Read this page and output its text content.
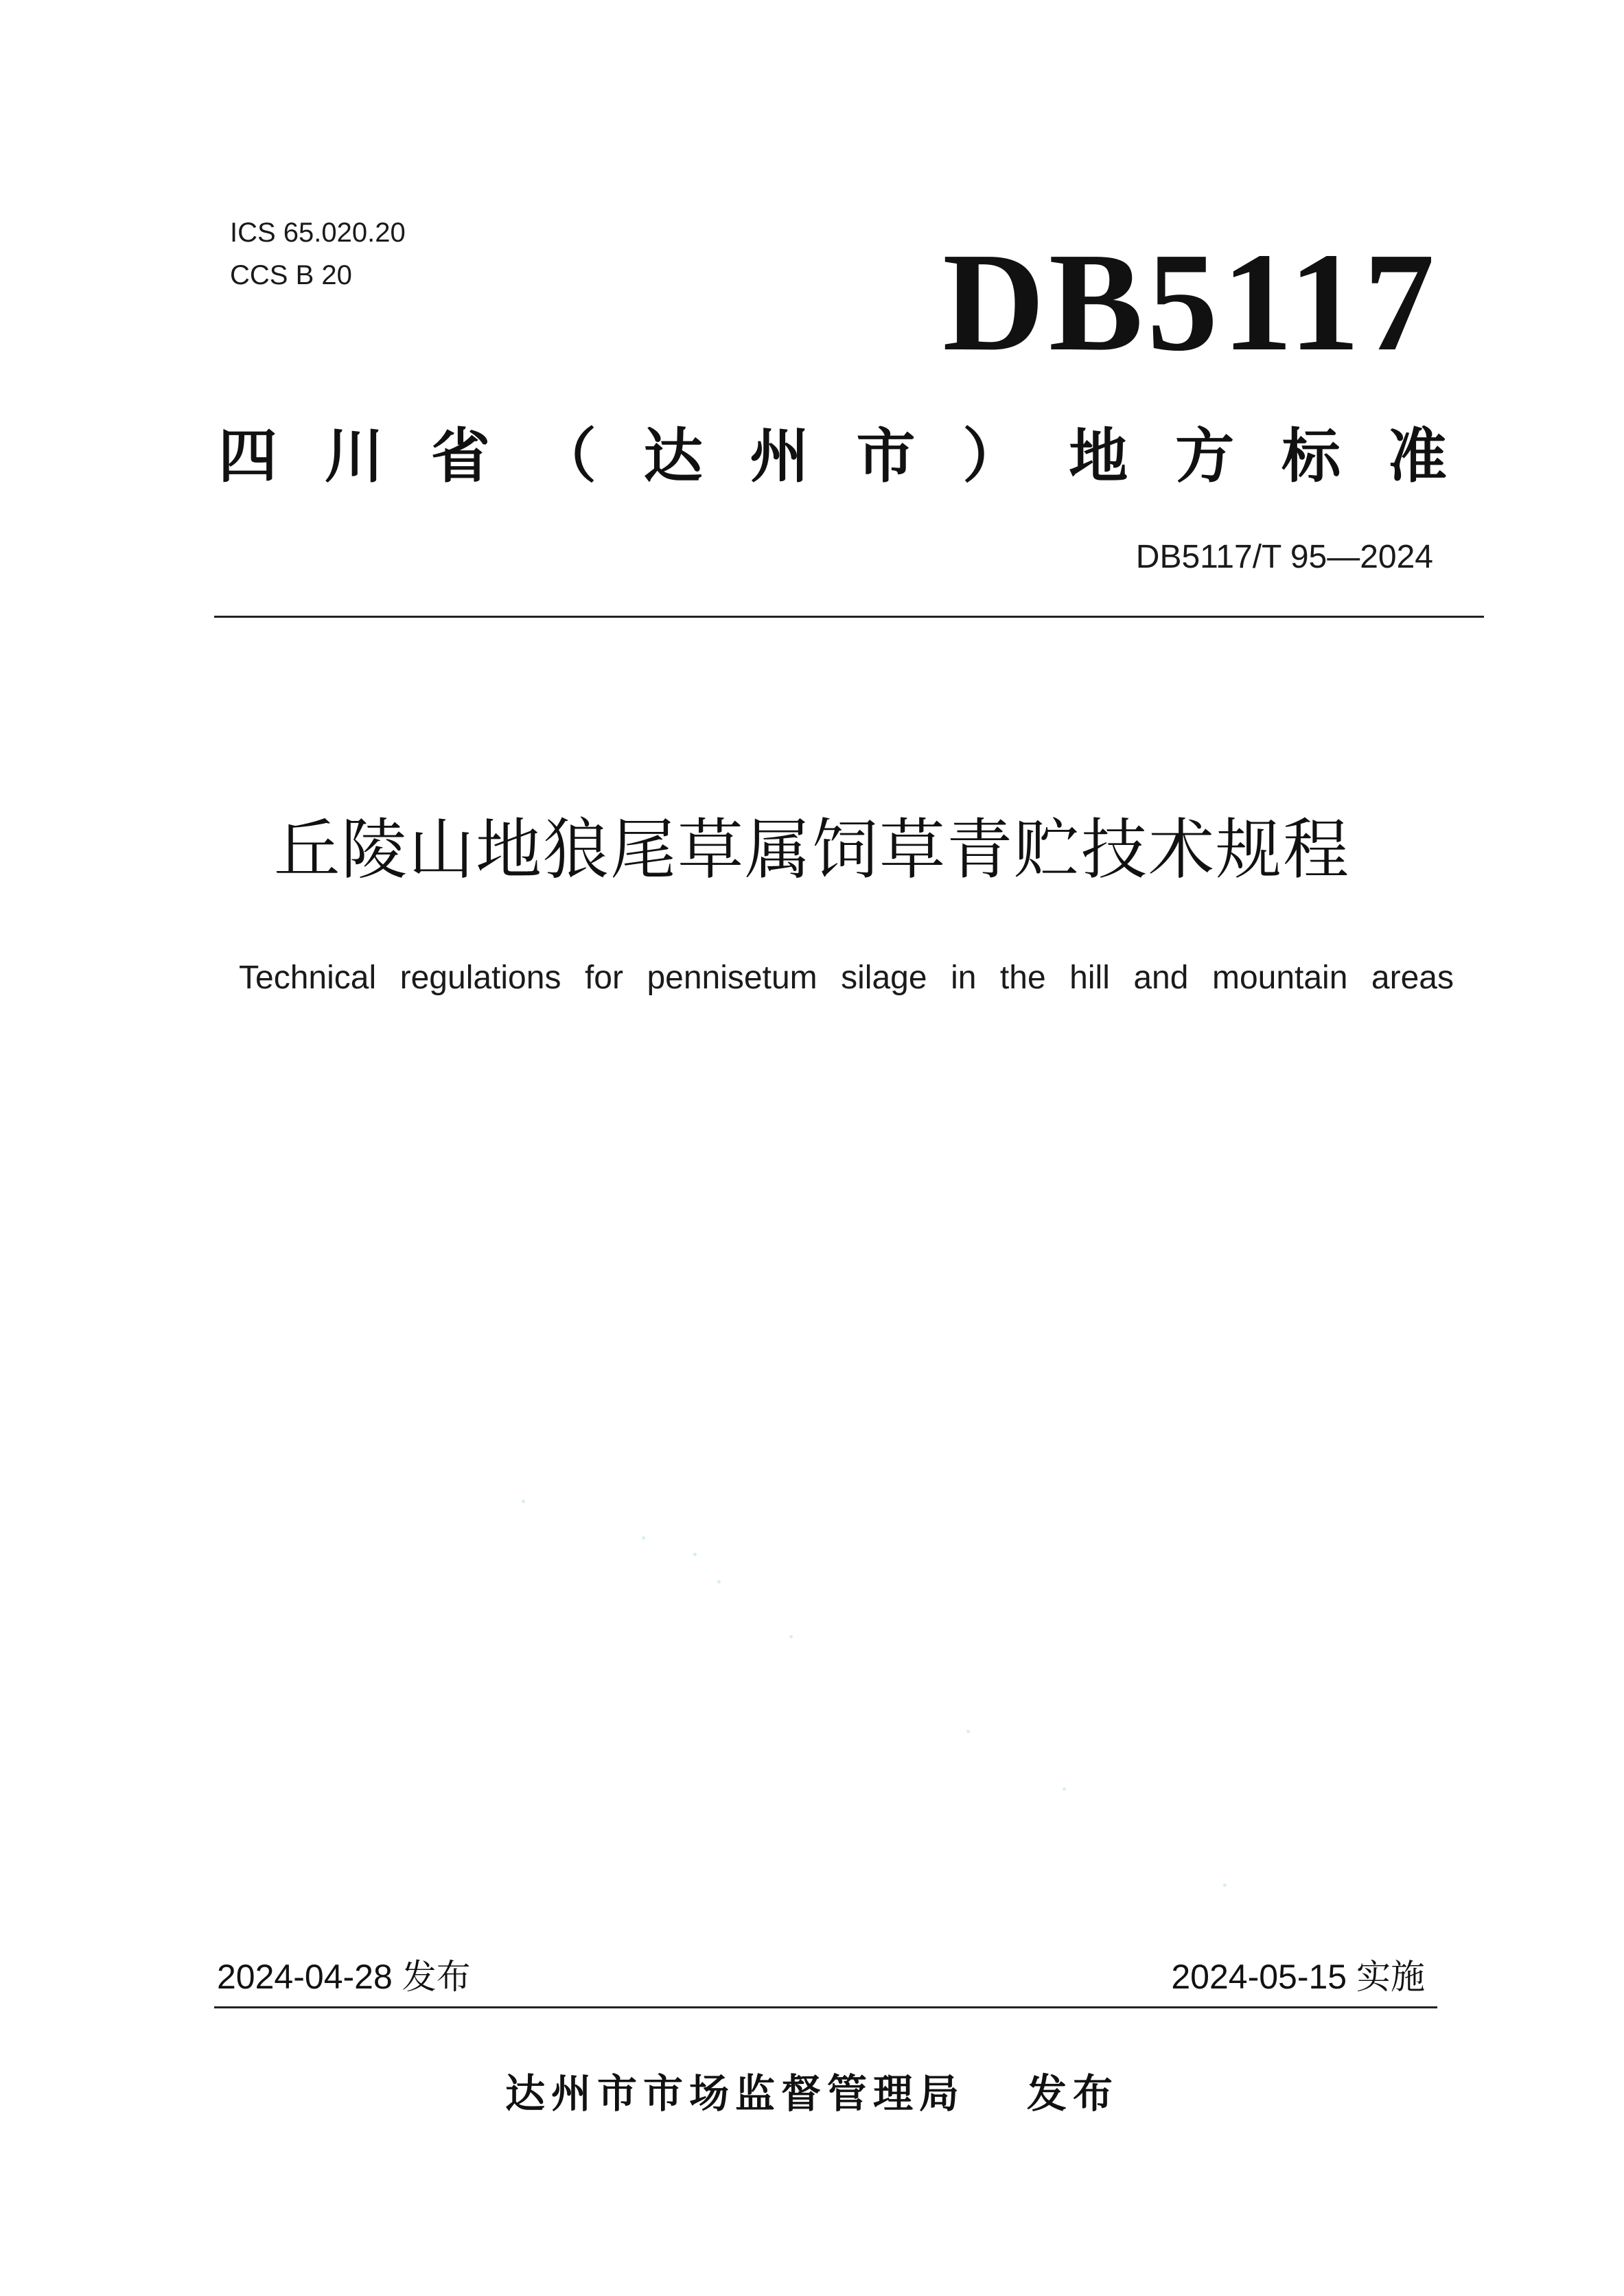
ICS 65.020.20
CCS B 20	DB5117
四 川 省 （ 达 州 市 ） 地 方 标 准
DB5117/T 95—2024
丘陵山地狼尾草属饲草青贮技术规程
Technical regulations for pennisetum silage in the hill and mountain areas
2024-04-28 发布	2024-05-15 实施
达州市市场监督管理局 发布
